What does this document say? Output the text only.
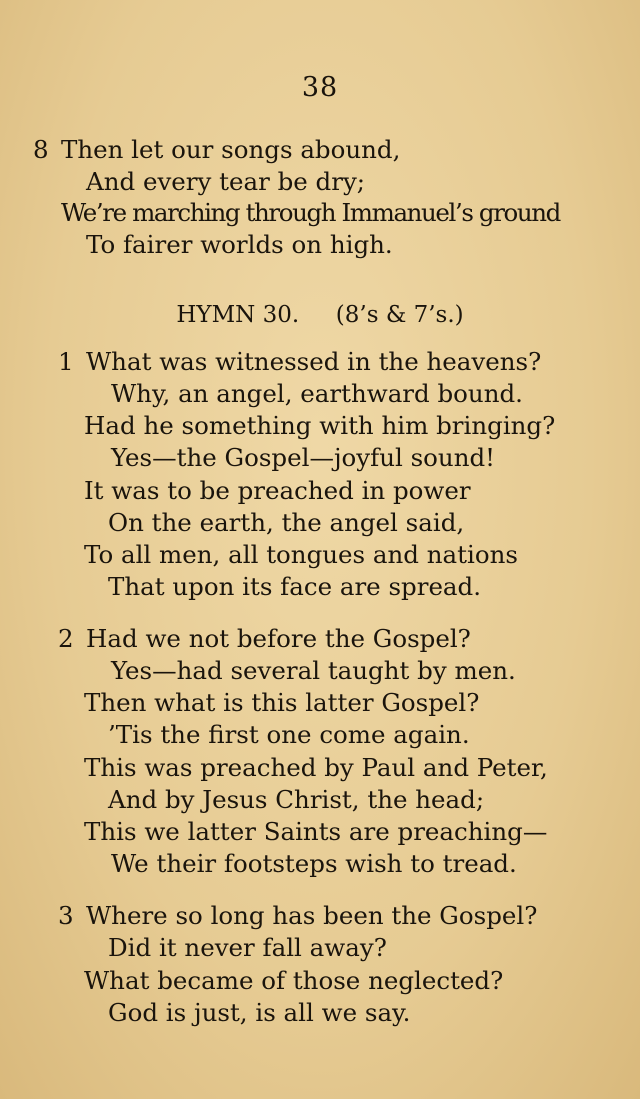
38
8 Then let our songs abound,
And every tear be dry;
We’re marching through Immanuel’s ground
To fairer worlds on high.
HYMN 30. (8’s & 7’s.)
1 What was witnessed in the heavens?
Why, an angel, earthward bound.
Had he something with him bringing?
Yes—the Gospel—joyful sound!
It was to be preached in power
On the earth, the angel said,
To all men, all tongues and nations
That upon its face are spread.
2 Had we not before the Gospel?
Yes—had several taught by men.
Then what is this latter Gospel?
’Tis the first one come again.
This was preached by Paul and Peter,
And by Jesus Christ, the head;
This we latter Saints are preaching—
We their footsteps wish to tread.
3 Where so long has been the Gospel?
Did it never fall away?
What became of those neglected?
God is just, is all we say.
